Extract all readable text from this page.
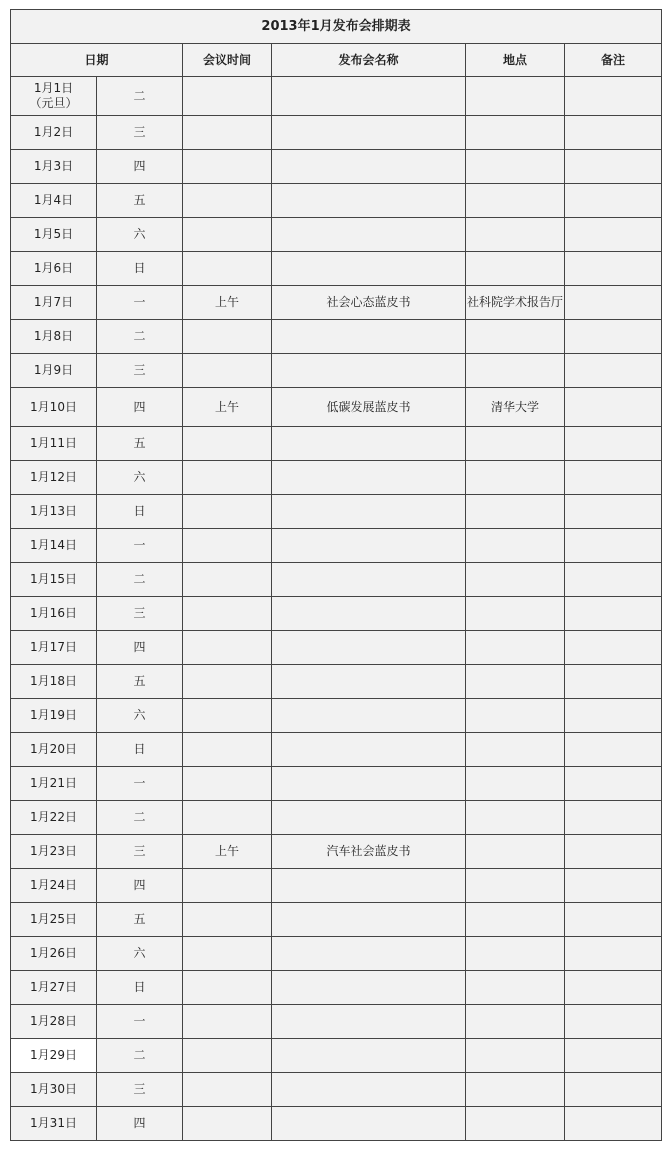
2013年1月发布会排期表					
日期		会议时间	发布会名称	地点	备注

1月1日
（元旦）	二				

1月2日	三				

1月3日	四				

1月4日	五				

1月5日	六				

1月6日	日				

1月7日	一	上午	社会心态蓝皮书	社科院学术报告厅	

1月8日	二				

1月9日	三				

1月10日	四	上午	低碳发展蓝皮书	清华大学	

1月11日	五				

1月12日	六				

1月13日	日				

1月14日	一				

1月15日	二				

1月16日	三				

1月17日	四				

1月18日	五				

1月19日	六				

1月20日	日				

1月21日	一				

1月22日	二				

1月23日	三	上午	汽车社会蓝皮书		

1月24日	四				

1月25日	五				

1月26日	六				

1月27日	日				

1月28日	一				

1月29日	二				

1月30日	三				

1月31日	四				
